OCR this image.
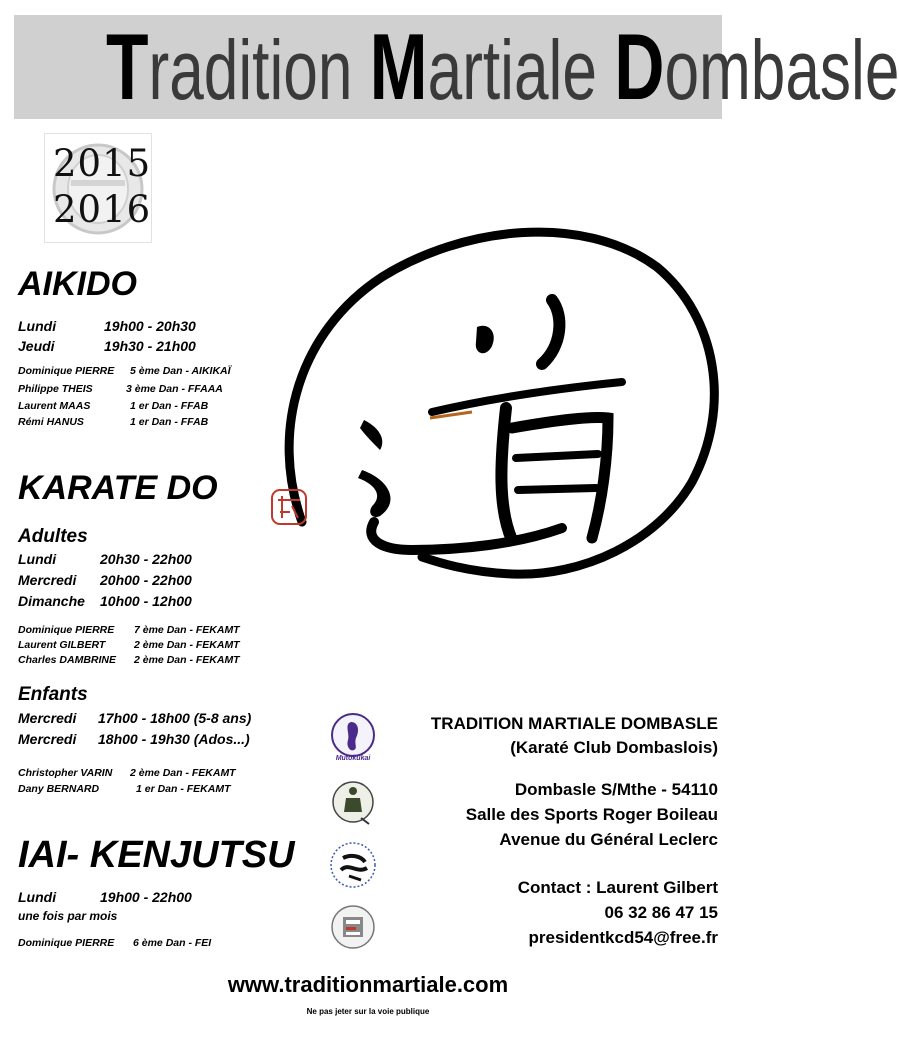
Tradition Martiale Dombasle
2015
2016
AIKIDO
Lundi	19h00 - 20h30
Jeudi	19h30 - 21h00
Dominique PIERRE 5 ème Dan - AIKIKAÏ
Philippe THEIS	3 ème Dan - FFAAA
Laurent MAAS	1 er Dan - FFAB
Rémi HANUS	1 er Dan - FFAB
KARATE DO
Adultes
Lundi	20h30 - 22h00
Mercredi 20h00 - 22h00
Dimanche 10h00 - 12h00
Dominique PIERRE 7 ème Dan - FEKAMT
Laurent GILBERT	2 ème Dan - FEKAMT
Charles DAMBRINE 2 ème Dan - FEKAMT
Enfants
Mercredi 17h00 - 18h00 (5-8 ans)
Mercredi 18h00 - 19h30 (Ados...)
Christopher VARIN 2 ème Dan - FEKAMT
Dany BERNARD	1 er Dan - FEKAMT
IAI- KENJUTSU
Lundi	19h00 - 22h00
une fois par mois
Dominique PIERRE 6 ème Dan - FEI
Mutokukai
TRADITION MARTIALE DOMBASLE
(Karaté Club Dombaslois)
Dombasle S/Mthe - 54110
Salle des Sports Roger Boileau
Avenue du Général Leclerc
Contact : Laurent Gilbert
06 32 86 47 15
presidentkcd54@free.fr
www.traditionmartiale.com
Ne pas jeter sur la voie publique
